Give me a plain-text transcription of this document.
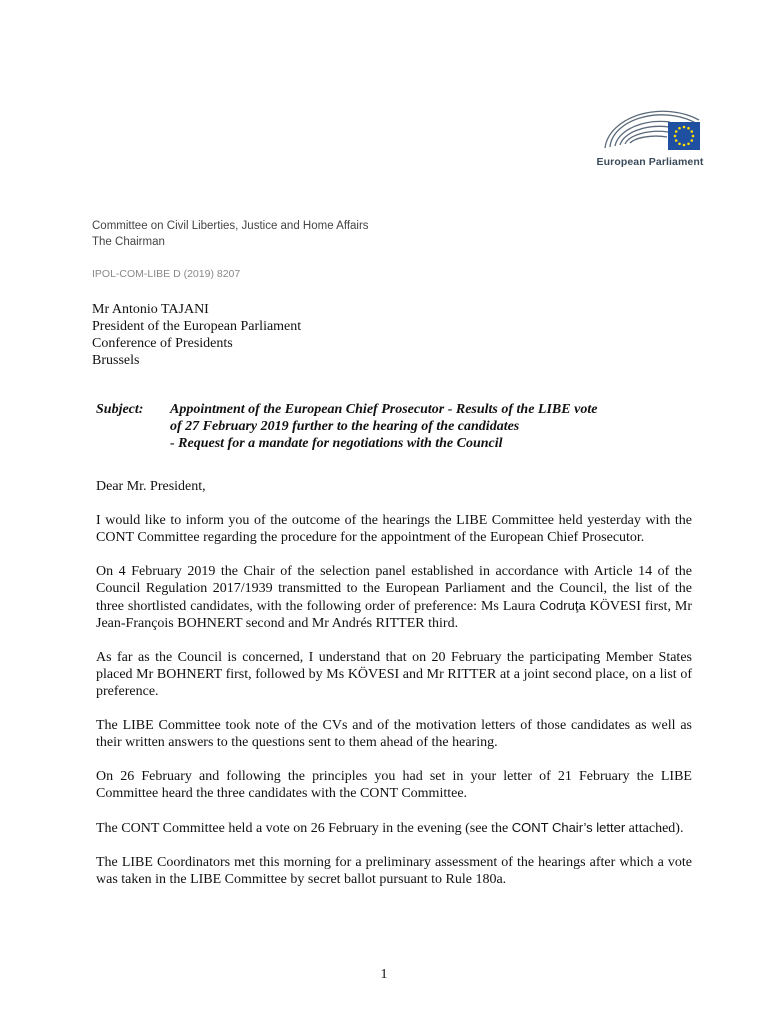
European Parliament
Committee on Civil Liberties, Justice and Home Affairs
The Chairman
IPOL-COM-LIBE D (2019) 8207
Mr Antonio TAJANI
President of the European Parliament
Conference of Presidents
Brussels
Subject: Appointment of the European Chief Prosecutor - Results of the LIBE vote
of 27 February 2019 further to the hearing of the candidates
- Request for a mandate for negotiations with the Council

Dear Mr. President,

I would like to inform you of the outcome of the hearings the LIBE Committee held yesterday with the CONT Committee regarding the procedure for the appointment of the European Chief Prosecutor.

On 4 February 2019 the Chair of the selection panel established in accordance with Article 14 of the Council Regulation 2017/1939 transmitted to the European Parliament and the Council, the list of the three shortlisted candidates, with the following order of preference: Ms Laura Codruţa KÖVESI first, Mr Jean-François BOHNERT second and Mr Andrés RITTER third.

As far as the Council is concerned, I understand that on 20 February the participating Member States placed Mr BOHNERT first, followed by Ms KÖVESI and Mr RITTER at a joint second place, on a list of preference.

The LIBE Committee took note of the CVs and of the motivation letters of those candidates as well as their written answers to the questions sent to them ahead of the hearing.

On 26 February and following the principles you had set in your letter of 21 February the LIBE Committee heard the three candidates with the CONT Committee.

The CONT Committee held a vote on 26 February in the evening (see the CONT Chair’s letter attached).

The LIBE Coordinators met this morning for a preliminary assessment of the hearings after which a vote was taken in the LIBE Committee by secret ballot pursuant to Rule 180a.

1
